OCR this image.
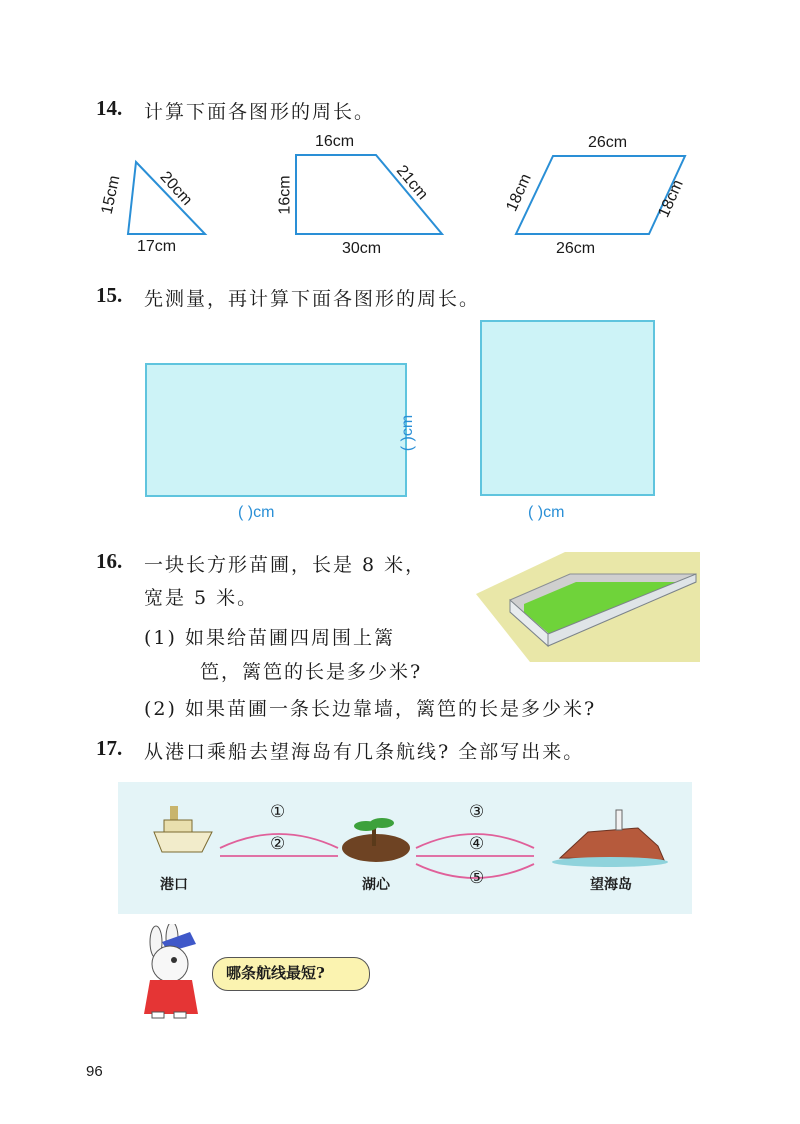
14. 计算下面各图形的周长。
15cm 20cm
17cm
16cm
16cm	21cm
30cm
26cm
18cm	18cm
26cm
15. 先测量，再计算下面各图形的周长。
( )cm
( )cm
( )cm
16. 一块长方形苗圃，长是 8 米，
宽是 5 米。
(1) 如果给苗圃四周围上篱
笆，篱笆的长是多少米?
(2) 如果苗圃一条长边靠墙，篱笆的长是多少米?
17. 从港口乘船去望海岛有几条航线? 全部写出来。
①
②
③
④
⑤
港口	湖心	望海岛
哪条航线最短?
96
